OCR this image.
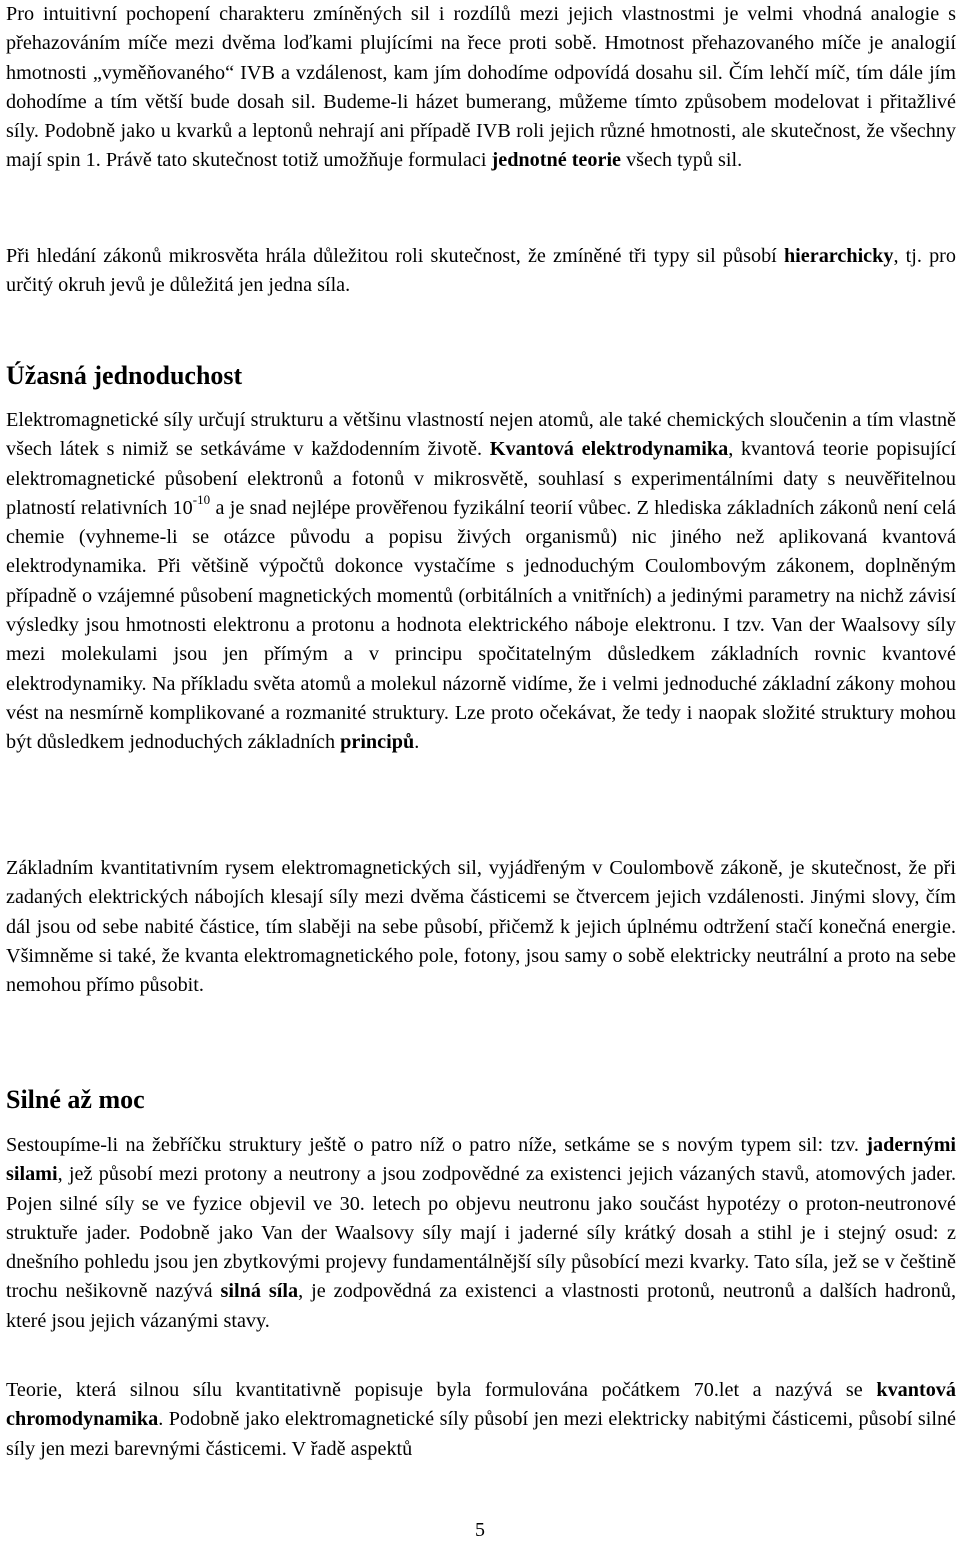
Pro intuitivní pochopení charakteru zmíněných sil i rozdílů mezi jejich vlastnostmi je velmi vhodná analogie s přehazováním míče mezi dvěma loďkami plujícími na řece proti sobě. Hmotnost přehazovaného míče je analogií hmotnosti „vyměňovaného“ IVB a vzdálenost, kam jím dohodíme odpovídá dosahu sil. Čím lehčí míč, tím dále jím dohodíme a tím větší bude dosah sil. Budeme-li házet bumerang, můžeme tímto způsobem modelovat i přitažlivé síly. Podobně jako u kvarků a leptonů nehrají ani případě IVB roli jejich různé hmotnosti, ale skutečnost, že všechny mají spin 1. Právě tato skutečnost totiž umožňuje formulaci jednotné teorie všech typů sil.

Při hledání zákonů mikrosvěta hrála důležitou roli skutečnost, že zmíněné tři typy sil působí hierarchicky, tj. pro určitý okruh jevů je důležitá jen jedna síla.

Úžasná jednoduchost

Elektromagnetické síly určují strukturu a většinu vlastností nejen atomů, ale také chemických sloučenin a tím vlastně všech látek s nimiž se setkáváme v každodenním životě. Kvantová elektrodynamika, kvantová teorie popisující elektromagnetické působení elektronů a fotonů v mikrosvětě, souhlasí s experimentálními daty s neuvěřitelnou platností relativních $10^{-10}$ a je snad nejlépe prověřenou fyzikální teorií vůbec. Z hlediska základních zákonů není celá chemie (vyhneme-li se otázce původu a popisu živých organismů) nic jiného než aplikovaná kvantová elektrodynamika. Při většině výpočtů dokonce vystačíme s jednoduchým Coulombovým zákonem, doplněným případně o vzájemné působení magnetických momentů (orbitálních a vnitřních) a jedinými parametry na nichž závisí výsledky jsou hmotnosti elektronu a protonu a hodnota elektrického náboje elektronu. I tzv. Van der Waalsovy síly mezi molekulami jsou jen přímým a v principu spočitatelným důsledkem základních rovnic kvantové elektrodynamiky. Na příkladu světa atomů a molekul názorně vidíme, že i velmi jednoduché základní zákony mohou vést na nesmírně komplikované a rozmanité struktury. Lze proto očekávat, že tedy i naopak složité struktury mohou být důsledkem jednoduchých základních principů.

Základním kvantitativním rysem elektromagnetických sil, vyjádřeným v Coulombově zákoně, je skutečnost, že při zadaných elektrických nábojích klesají síly mezi dvěma částicemi se čtvercem jejich vzdálenosti. Jinými slovy, čím dál jsou od sebe nabité částice, tím slaběji na sebe působí, přičemž k jejich úplnému odtržení stačí konečná energie. Všimněme si také, že kvanta elektromagnetického pole, fotony, jsou samy o sobě elektricky neutrální a proto na sebe nemohou přímo působit.

Silné až moc

Sestoupíme-li na žebříčku struktury ještě o patro níž o patro níže, setkáme se s novým typem sil: tzv. jadernými silami, jež působí mezi protony a neutrony a jsou zodpovědné za existenci jejich vázaných stavů, atomových jader. Pojen silné síly se ve fyzice objevil ve 30. letech po objevu neutronu jako součást hypotézy o proton-neutronové struktuře jader. Podobně jako Van der Waalsovy síly mají i jaderné síly krátký dosah a stihl je i stejný osud: z dnešního pohledu jsou jen zbytkovými projevy fundamentálnější síly působící mezi kvarky. Tato síla, jež se v češtině trochu nešikovně nazývá silná síla, je zodpovědná za existenci a vlastnosti protonů, neutronů a dalších hadronů, které jsou jejich vázanými stavy.

Teorie, která silnou sílu kvantitativně popisuje byla formulována počátkem 70.let a nazývá se kvantová chromodynamika. Podobně jako elektromagnetické síly působí jen mezi elektricky nabitými částicemi, působí silné síly jen mezi barevnými částicemi. V řadě aspektů

5
